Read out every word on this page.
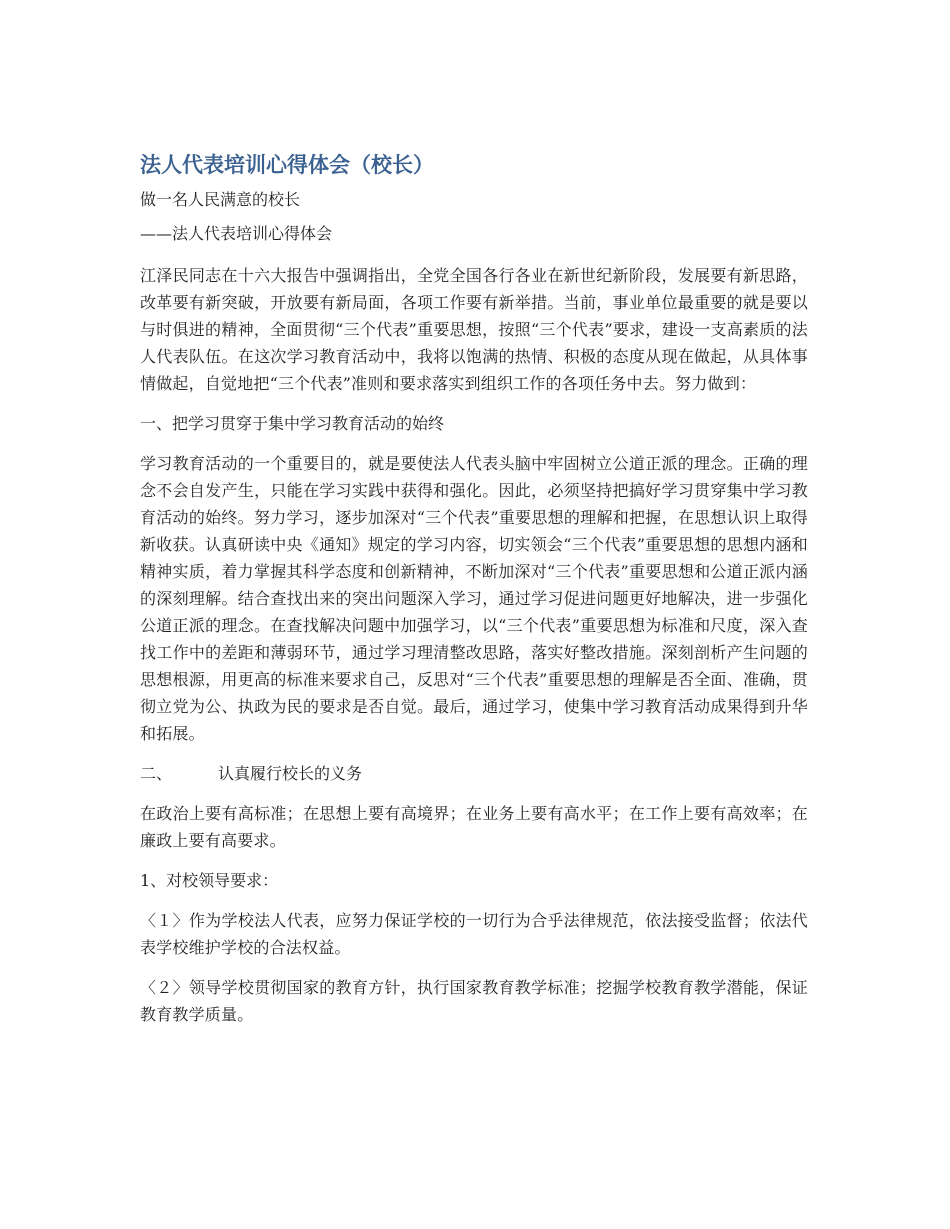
法人代表培训心得体会（校长）
做一名人民满意的校长
——法人代表培训心得体会
江泽民同志在十六大报告中强调指出，全党全国各行各业在新世纪新阶段，发展要有新思路，改革要有新突破，开放要有新局面，各项工作要有新举措。当前，事业单位最重要的就是要以与时俱进的精神，全面贯彻“三个代表”重要思想，按照“三个代表”要求，建设一支高素质的法人代表队伍。在这次学习教育活动中，我将以饱满的热情、积极的态度从现在做起，从具体事情做起，自觉地把“三个代表”准则和要求落实到组织工作的各项任务中去。努力做到：
一、把学习贯穿于集中学习教育活动的始终
学习教育活动的一个重要目的，就是要使法人代表头脑中牢固树立公道正派的理念。正确的理念不会自发产生，只能在学习实践中获得和强化。因此，必须坚持把搞好学习贯穿集中学习教育活动的始终。努力学习，逐步加深对“三个代表”重要思想的理解和把握，在思想认识上取得新收获。认真研读中央《通知》规定的学习内容，切实领会“三个代表”重要思想的思想内涵和精神实质，着力掌握其科学态度和创新精神，不断加深对“三个代表”重要思想和公道正派内涵的深刻理解。结合查找出来的突出问题深入学习，通过学习促进问题更好地解决，进一步强化公道正派的理念。在查找解决问题中加强学习，以“三个代表”重要思想为标准和尺度，深入查找工作中的差距和薄弱环节，通过学习理清整改思路，落实好整改措施。深刻剖析产生问题的思想根源，用更高的标准来要求自己，反思对“三个代表”重要思想的理解是否全面、准确，贯彻立党为公、执政为民的要求是否自觉。最后，通过学习，使集中学习教育活动成果得到升华和拓展。
二、	认真履行校长的义务
在政治上要有高标准；在思想上要有高境界；在业务上要有高水平；在工作上要有高效率；在廉政上要有高要求。
1、对校领导要求：
〈１〉作为学校法人代表，应努力保证学校的一切行为合乎法律规范，依法接受监督；依法代表学校维护学校的合法权益。
〈２〉领导学校贯彻国家的教育方针，执行国家教育教学标准；挖掘学校教育教学潜能，保证教育教学质量。
